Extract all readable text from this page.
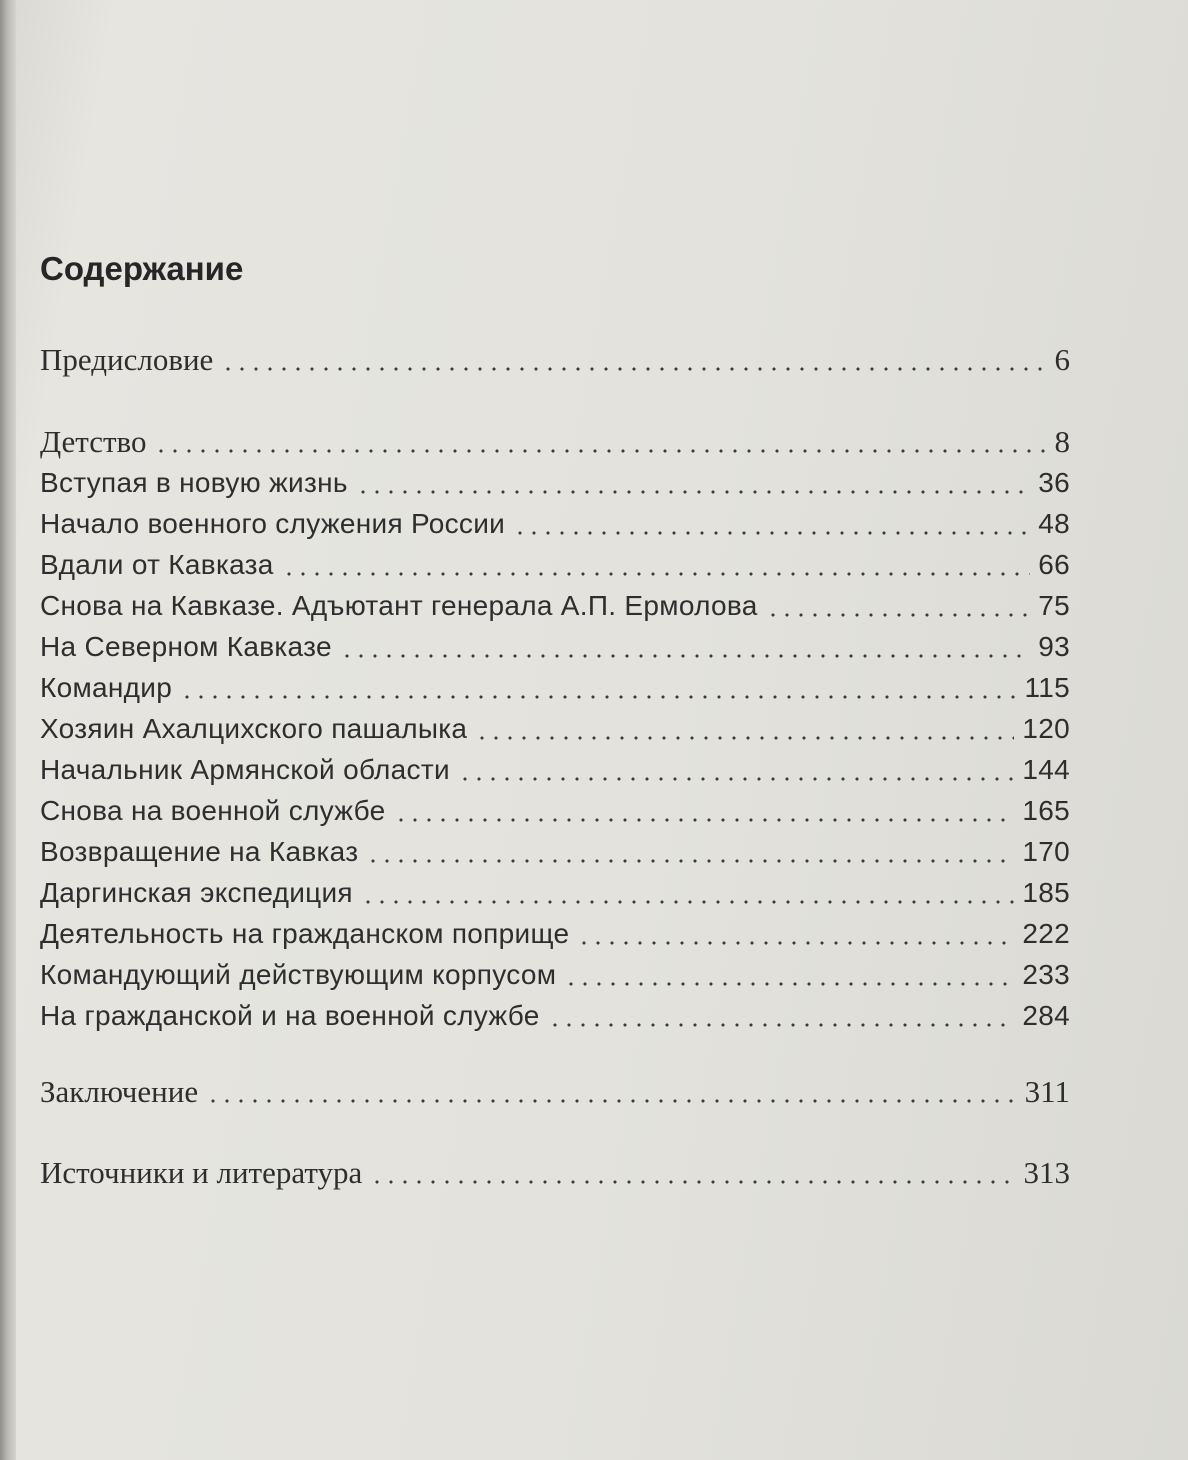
Содержание
Предисловие	6
Детство	8
Вступая в новую жизнь	36
Начало военного служения России	48
Вдали от Кавказа	66
Снова на Кавказе. Адъютант генерала А.П. Ермолова	75
На Северном Кавказе	93
Командир	115
Хозяин Ахалцихского пашалыка	120
Начальник Армянской области	144
Снова на военной службе	165
Возвращение на Кавказ	170
Даргинская экспедиция	185
Деятельность на гражданском поприще	222
Командующий действующим корпусом	233
На гражданской и на военной службе	284
Заключение	311
Источники и литература	313
